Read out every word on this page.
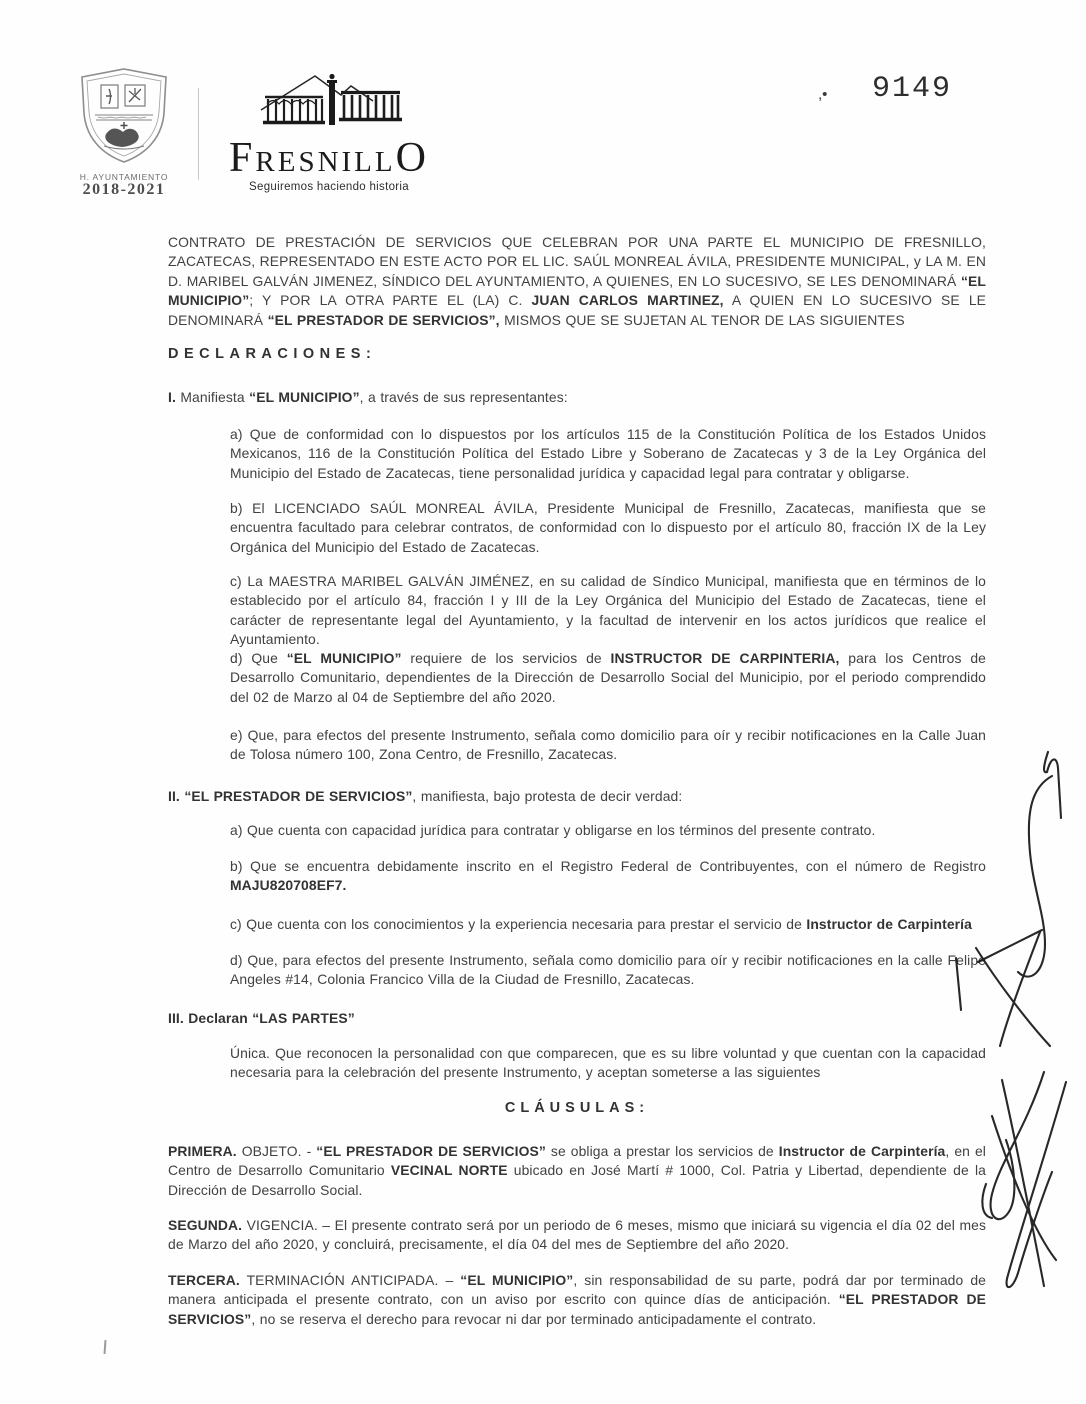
H. AYUNTAMIENTO
2018-2021
FRESNILLO
Seguiremos haciendo historia
,• 9149

CONTRATO DE PRESTACIÓN DE SERVICIOS QUE CELEBRAN POR UNA PARTE EL MUNICIPIO DE FRESNILLO, ZACATECAS, REPRESENTADO EN ESTE ACTO POR EL LIC. SAÚL MONREAL ÁVILA, PRESIDENTE MUNICIPAL, y LA M. EN D. MARIBEL GALVÁN JIMENEZ, SÍNDICO DEL AYUNTAMIENTO, A QUIENES, EN LO SUCESIVO, SE LES DENOMINARÁ “EL MUNICIPIO”; Y POR LA OTRA PARTE EL (LA) C. JUAN CARLOS MARTINEZ, A QUIEN EN LO SUCESIVO SE LE DENOMINARÁ “EL PRESTADOR DE SERVICIOS”, MISMOS QUE SE SUJETAN AL TENOR DE LAS SIGUIENTES

DECLARACIONES:

I. Manifiesta “EL MUNICIPIO”, a través de sus representantes:

a) Que de conformidad con lo dispuestos por los artículos 115 de la Constitución Política de los Estados Unidos Mexicanos, 116 de la Constitución Política del Estado Libre y Soberano de Zacatecas y 3 de la Ley Orgánica del Municipio del Estado de Zacatecas, tiene personalidad jurídica y capacidad legal para contratar y obligarse.

b) El LICENCIADO SAÚL MONREAL ÁVILA, Presidente Municipal de Fresnillo, Zacatecas, manifiesta que se encuentra facultado para celebrar contratos, de conformidad con lo dispuesto por el artículo 80, fracción IX de la Ley Orgánica del Municipio del Estado de Zacatecas.

c) La MAESTRA MARIBEL GALVÁN JIMÉNEZ, en su calidad de Síndico Municipal, manifiesta que en términos de lo establecido por el artículo 84, fracción I y III de la Ley Orgánica del Municipio del Estado de Zacatecas, tiene el carácter de representante legal del Ayuntamiento, y la facultad de intervenir en los actos jurídicos que realice el Ayuntamiento.

d) Que “EL MUNICIPIO” requiere de los servicios de INSTRUCTOR DE CARPINTERIA, para los Centros de Desarrollo Comunitario, dependientes de la Dirección de Desarrollo Social del Municipio, por el periodo comprendido del 02 de Marzo al 04 de Septiembre del año 2020.

e) Que, para efectos del presente Instrumento, señala como domicilio para oír y recibir notificaciones en la Calle Juan de Tolosa número 100, Zona Centro, de Fresnillo, Zacatecas.

II. “EL PRESTADOR DE SERVICIOS”, manifiesta, bajo protesta de decir verdad:

a) Que cuenta con capacidad jurídica para contratar y obligarse en los términos del presente contrato.

b) Que se encuentra debidamente inscrito en el Registro Federal de Contribuyentes, con el número de Registro MAJU820708EF7.

c) Que cuenta con los conocimientos y la experiencia necesaria para prestar el servicio de Instructor de Carpintería

d) Que, para efectos del presente Instrumento, señala como domicilio para oír y recibir notificaciones en la calle Felipe Angeles #14, Colonia Francico Villa de la Ciudad de Fresnillo, Zacatecas.

III. Declaran “LAS PARTES”

Única. Que reconocen la personalidad con que comparecen, que es su libre voluntad y que cuentan con la capacidad necesaria para la celebración del presente Instrumento, y aceptan someterse a las siguientes

CLÁUSULAS:

PRIMERA. OBJETO. - “EL PRESTADOR DE SERVICIOS” se obliga a prestar los servicios de Instructor de Carpintería, en el Centro de Desarrollo Comunitario VECINAL NORTE ubicado en José Martí # 1000, Col. Patria y Libertad, dependiente de la Dirección de Desarrollo Social.

SEGUNDA. VIGENCIA. – El presente contrato será por un periodo de 6 meses, mismo que iniciará su vigencia el día 02 del mes de Marzo del año 2020, y concluirá, precisamente, el día 04 del mes de Septiembre del año 2020.

TERCERA. TERMINACIÓN ANTICIPADA. – “EL MUNICIPIO”, sin responsabilidad de su parte, podrá dar por terminado de manera anticipada el presente contrato, con un aviso por escrito con quince días de anticipación. “EL PRESTADOR DE SERVICIOS”, no se reserva el derecho para revocar ni dar por terminado anticipadamente el contrato.
